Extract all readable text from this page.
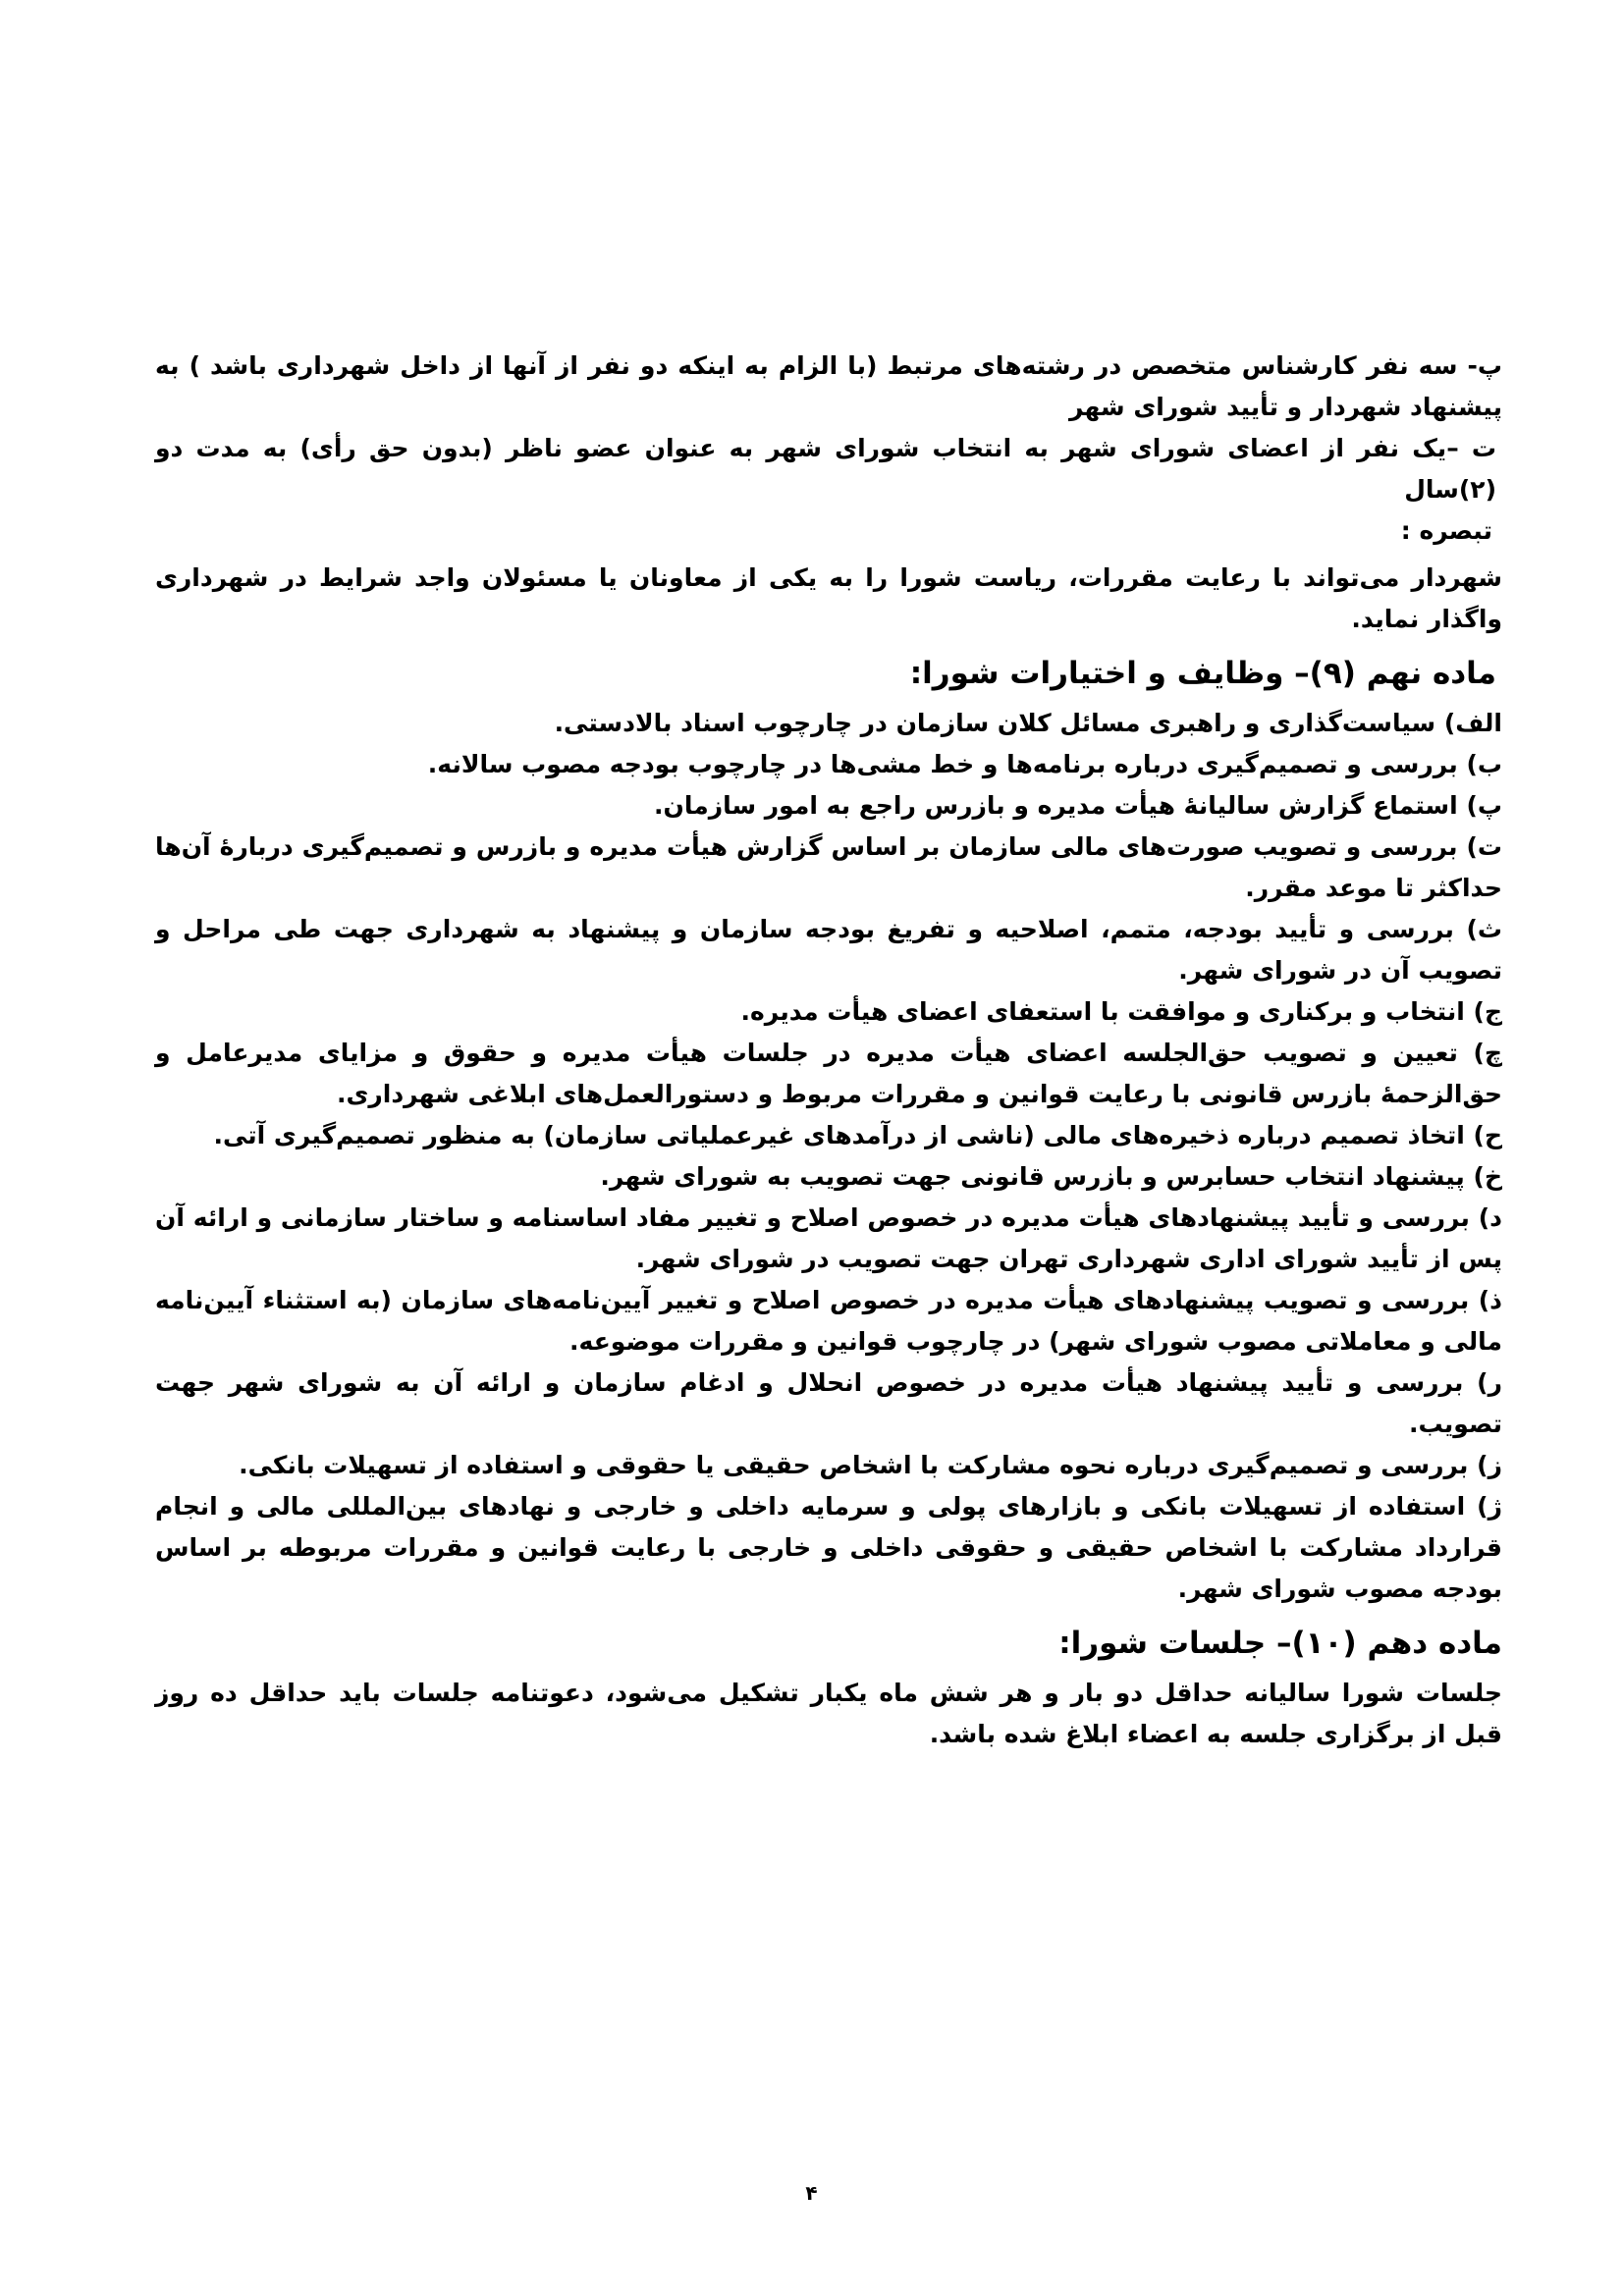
پ- سه نفر کارشناس متخصص در رشته‌های مرتبط (با الزام به اینکه دو نفر از آنها از داخل شهرداری باشد ) به پیشنهاد شهردار و تأیید شورای شهر

ت –یک نفر از اعضای شورای شهر به انتخاب شورای شهر به عنوان عضو ناظر (بدون حق رأی) به مدت دو (۲)سال

تبصره :

شهردار می‌تواند با رعایت مقررات، ریاست شورا را به یکی از معاونان یا مسئولان واجد شرایط در شهرداری واگذار نماید.

ماده نهم (۹)– وظایف و اختیارات شورا:

الف) سیاست‌گذاری و راهبری مسائل کلان سازمان در چارچوب اسناد بالادستی.

ب) بررسی و تصمیم‌گیری درباره برنامه‌ها و خط مشی‌ها در چارچوب بودجه مصوب سالانه.

پ) استماع گزارش سالیانهٔ هیأت مدیره و بازرس راجع به امور سازمان.

ت) بررسی و تصویب صورت‌های مالی سازمان بر اساس گزارش هیأت مدیره و بازرس و تصمیم‌گیری دربارهٔ آن‌ها حداکثر تا موعد مقرر.

ث) بررسی و تأیید بودجه، متمم، اصلاحیه و تفریغ بودجه سازمان و پیشنهاد به شهرداری جهت طی مراحل و تصویب آن در شورای شهر.

ج) انتخاب و برکناری و موافقت با استعفای اعضای هیأت مدیره.

چ) تعیین و تصویب حق‌الجلسه اعضای هیأت مدیره در جلسات هیأت مدیره و حقوق و مزایای مدیرعامل و حق‌الزحمهٔ بازرس قانونی با رعایت قوانین و مقررات مربوط و دستورالعمل‌های ابلاغی شهرداری.

ح) اتخاذ تصمیم درباره ذخیره‌های مالی (ناشی از درآمدهای غیرعملیاتی سازمان) به منظور تصمیم‌گیری آتی.

خ) پیشنهاد انتخاب حسابرس و بازرس قانونی جهت تصویب به شورای شهر.

د) بررسی و تأیید پیشنهادهای هیأت مدیره در خصوص اصلاح و تغییر مفاد اساسنامه و ساختار سازمانی و ارائه آن پس از تأیید شورای اداری شهرداری تهران جهت تصویب در شورای شهر.

ذ) بررسی و تصویب پیشنهادهای هیأت مدیره در خصوص اصلاح و تغییر آیین‌نامه‌های سازمان (به استثناء آیین‌نامه مالی و معاملاتی مصوب شورای شهر) در چارچوب قوانین و مقررات موضوعه.

ر) بررسی و تأیید پیشنهاد هیأت مدیره در خصوص انحلال و ادغام سازمان و ارائه آن به شورای شهر جهت تصویب.

ز) بررسی و تصمیم‌گیری درباره نحوه مشارکت با اشخاص حقیقی یا حقوقی و استفاده از تسهیلات بانکی.

ژ) استفاده از تسهیلات بانکی و بازارهای پولی و سرمایه داخلی و خارجی و نهادهای بین‌المللی مالی و انجام قرارداد مشارکت با اشخاص حقیقی و حقوقی داخلی و خارجی با رعایت قوانین و مقررات مربوطه بر اساس بودجه مصوب شورای شهر.

ماده دهم (۱۰)– جلسات شورا:

جلسات شورا سالیانه حداقل دو بار و هر شش ماه یکبار تشکیل می‌شود، دعوتنامه جلسات باید حداقل ده روز قبل از برگزاری جلسه به اعضاء ابلاغ شده باشد.

۴
